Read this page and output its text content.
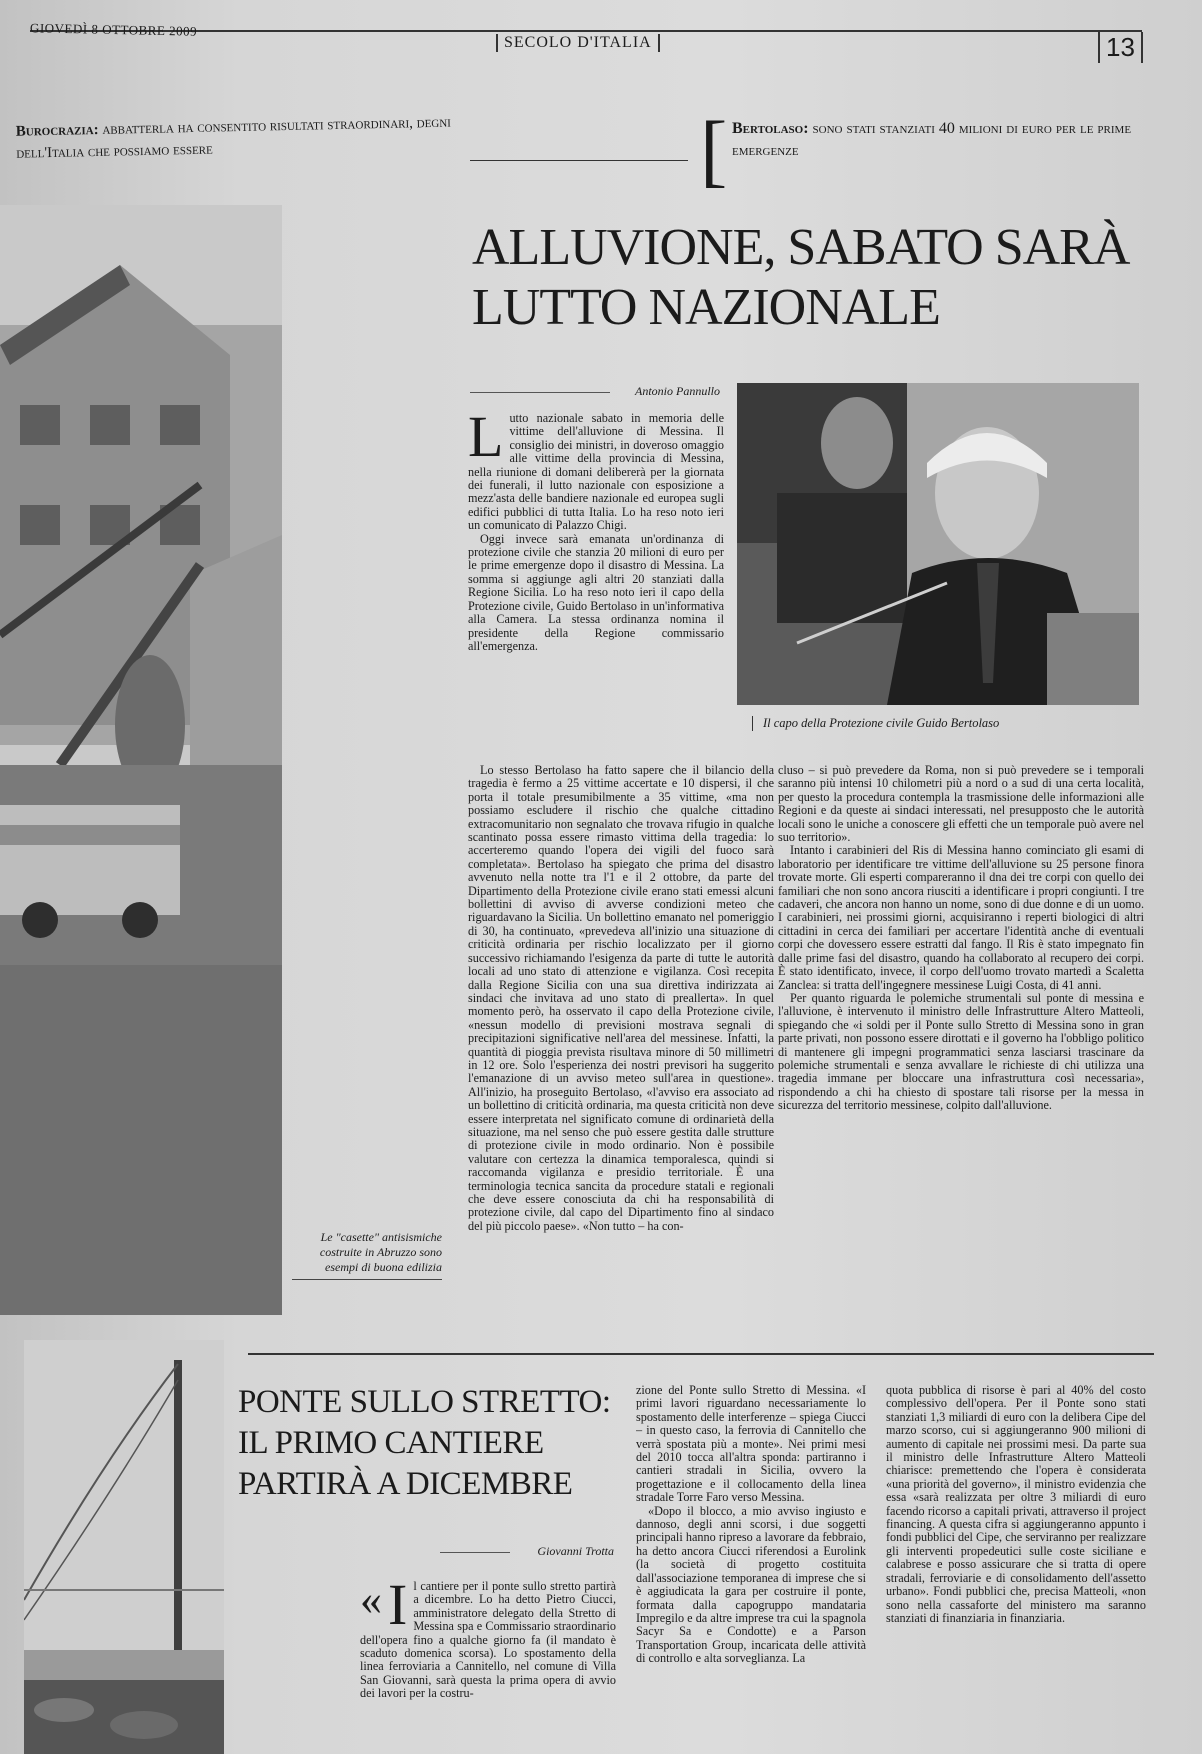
GIOVEDÌ 8 OTTOBRE 2009
SECOLO D'ITALIA	13
Burocrazia: abbatterla ha consentito risultati straordinari, degni dell'Italia che possiamo essere	[ Bertolaso: sono stati stanziati 40 milioni di euro per le prime emergenze
ALLUVIONE, SABATO SARÀ LUTTO NAZIONALE
Le "casette" antisismiche costruite in Abruzzo sono esempi di buona edilizia
Antonio Pannullo
Il capo della Protezione civile Guido Bertolaso
L utto nazionale sabato in memoria delle vittime dell'alluvione di Messina. Il consiglio dei ministri, in doveroso omaggio alle vittime della provincia di Messina, nella riunione di domani delibererà per la giornata dei funerali, il lutto nazionale con esposizione a mezz'asta delle bandiere nazionale ed europea sugli edifici pubblici di tutta Italia. Lo ha reso noto ieri un comunicato di Palazzo Chigi.

Oggi invece sarà emanata un'ordinanza di protezione civile che stanzia 20 milioni di euro per le prime emergenze dopo il disastro di Messina. La somma si aggiunge agli altri 20 stanziati dalla Regione Sicilia. Lo ha reso noto ieri il capo della Protezione civile, Guido Bertolaso in un'informativa alla Camera. La stessa ordinanza nomina il presidente della Regione commissario all'emergenza.

Lo stesso Bertolaso ha fatto sapere che il bilancio della tragedia è fermo a 25 vittime accertate e 10 dispersi, il che porta il totale presumibilmente a 35 vittime, «ma non possiamo escludere il rischio che qualche cittadino extracomunitario non segnalato che trovava rifugio in qualche scantinato possa essere rimasto vittima della tragedia: lo accerteremo quando l'opera dei vigili del fuoco sarà completata». Bertolaso ha spiegato che prima del disastro avvenuto nella notte tra l'1 e il 2 ottobre, da parte del Dipartimento della Protezione civile erano stati emessi alcuni bollettini di avviso di avverse condizioni meteo che riguardavano la Sicilia. Un bollettino emanato nel pomeriggio di 30, ha continuato, «prevedeva all'inizio una situazione di criticità ordinaria per rischio localizzato per il giorno successivo richiamando l'esigenza da parte di tutte le autorità locali ad uno stato di attenzione e vigilanza. Così recepita dalla Regione Sicilia con una sua direttiva indirizzata ai sindaci che invitava ad uno stato di preallerta». In quel momento però, ha osservato il capo della Protezione civile, «nessun modello di previsioni mostrava segnali di precipitazioni significative nell'area del messinese. Infatti, la quantità di pioggia prevista risultava minore di 50 millimetri in 12 ore. Solo l'esperienza dei nostri previsori ha suggerito l'emanazione di un avviso meteo sull'area in questione». All'inizio, ha proseguito Bertolaso, «l'avviso era associato ad un bollettino di criticità ordinaria, ma questa criticità non deve essere interpretata nel significato comune di ordinarietà della situazione, ma nel senso che può essere gestita dalle strutture di protezione civile in modo ordinario. Non è possibile valutare con certezza la dinamica temporalesca, quindi si raccomanda vigilanza e presidio territoriale. È una terminologia tecnica sancita da procedure statali e regionali che deve essere conosciuta da chi ha responsabilità di protezione civile, dal capo del Dipartimento fino al sindaco del più piccolo paese». «Non tutto – ha con-

cluso – si può prevedere da Roma, non si può prevedere se i temporali saranno più intensi 10 chilometri più a nord o a sud di una certa località, per questo la procedura contempla la trasmissione delle informazioni alle Regioni e da queste ai sindaci interessati, nel presupposto che le autorità locali sono le uniche a conoscere gli effetti che un temporale può avere nel suo territorio».

Intanto i carabinieri del Ris di Messina hanno cominciato gli esami di laboratorio per identificare tre vittime dell'alluvione su 25 persone finora trovate morte. Gli esperti compareranno il dna dei tre corpi con quello dei familiari che non sono ancora riusciti a identificare i propri congiunti. I tre cadaveri, che ancora non hanno un nome, sono di due donne e di un uomo. I carabinieri, nei prossimi giorni, acquisiranno i reperti biologici di altri cittadini in cerca dei familiari per accertare l'identità anche di eventuali corpi che dovessero essere estratti dal fango. Il Ris è stato impegnato fin dalle prime fasi del disastro, quando ha collaborato al recupero dei corpi. È stato identificato, invece, il corpo dell'uomo trovato martedì a Scaletta Zanclea: si tratta dell'ingegnere messinese Luigi Costa, di 41 anni.

Per quanto riguarda le polemiche strumentali sul ponte di messina e l'alluvione, è intervenuto il ministro delle Infrastrutture Altero Matteoli, spiegando che «i soldi per il Ponte sullo Stretto di Messina sono in gran parte privati, non possono essere dirottati e il governo ha l'obbligo politico di mantenere gli impegni programmatici senza lasciarsi trascinare da polemiche strumentali e senza avvallare le richieste di chi utilizza una tragedia immane per bloccare una infrastruttura così necessaria», rispondendo a chi ha chiesto di spostare tali risorse per la messa in sicurezza del territorio messinese, colpito dall'alluvione.

PONTE SULLO STRETTO: IL PRIMO CANTIERE PARTIRÀ A DICEMBRE
Giovanni Trotta
« I l cantiere per il ponte sullo stretto partirà a dicembre. Lo ha detto Pietro Ciucci, amministratore delegato della Stretto di Messina spa e Commissario straordinario dell'opera fino a qualche giorno fa (il mandato è scaduto domenica scorsa). Lo spostamento della linea ferroviaria a Cannitello, nel comune di Villa San Giovanni, sarà questa la prima opera di avvio dei lavori per la costru-

zione del Ponte sullo Stretto di Messina. «I primi lavori riguardano necessariamente lo spostamento delle interferenze – spiega Ciucci – in questo caso, la ferrovia di Cannitello che verrà spostata più a monte». Nei primi mesi del 2010 tocca all'altra sponda: partiranno i cantieri stradali in Sicilia, ovvero la progettazione e il collocamento della linea stradale Torre Faro verso Messina.

«Dopo il blocco, a mio avviso ingiusto e dannoso, degli anni scorsi, i due soggetti principali hanno ripreso a lavorare da febbraio, ha detto ancora Ciucci riferendosi a Eurolink (la società di progetto costituita dall'associazione temporanea di imprese che si è aggiudicata la gara per costruire il ponte, formata dalla capogruppo mandataria Impregilo e da altre imprese tra cui la spagnola Sacyr Sa e Condotte) e a Parson Transportation Group, incaricata delle attività di controllo e alta sorveglianza. La

quota pubblica di risorse è pari al 40% del costo complessivo dell'opera. Per il Ponte sono stati stanziati 1,3 miliardi di euro con la delibera Cipe del marzo scorso, cui si aggiungeranno 900 milioni di aumento di capitale nei prossimi mesi. Da parte sua il ministro delle Infrastrutture Altero Matteoli chiarisce: premettendo che l'opera è considerata «una priorità del governo», il ministro evidenzia che essa «sarà realizzata per oltre 3 miliardi di euro facendo ricorso a capitali privati, attraverso il project financing. A questa cifra si aggiungeranno appunto i fondi pubblici del Cipe, che serviranno per realizzare gli interventi propedeutici sulle coste siciliane e calabrese e posso assicurare che si tratta di opere stradali, ferroviarie e di consolidamento dell'assetto urbano». Fondi pubblici che, precisa Matteoli, «non sono nella cassaforte del ministero ma saranno stanziati di finanziaria in finanziaria.
